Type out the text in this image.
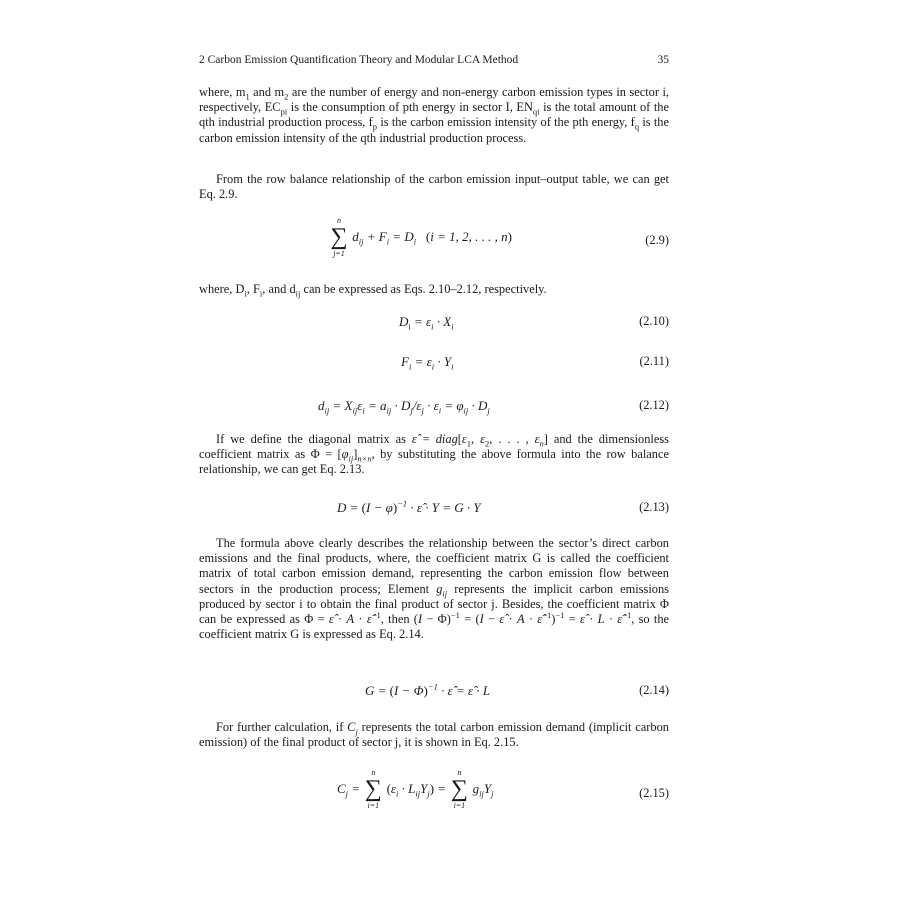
2 Carbon Emission Quantification Theory and Modular LCA Method	35

where, $m_1$ and $m_2$ are the number of energy and non-energy carbon emission types in sector i, respectively, $EC_{pi}$ is the consumption of pth energy in sector I, $EN_{qi}$ is the total amount of the qth industrial production process, $f_p$ is the carbon emission intensity of the pth energy, $f_q$ is the carbon emission intensity of the qth industrial production process.

From the row balance relationship of the carbon emission input–output table, we can get Eq. 2.9.

n
∑
j=1
$d_{ij} + F_i = D_i$ (i = 1, 2, . . . , n)	(2.9)

where, $D_i$, $F_i$, and $d_{ij}$ can be expressed as Eqs. 2.10–2.12, respectively.

$D_i = \varepsilon_i \cdot X_i$	(2.10)
$F_i = \varepsilon_i \cdot Y_i$	(2.11)
$d_{ij} = X_{ij}\varepsilon_i = a_{ij} \cdot D_j/\varepsilon_j \cdot \varepsilon_i = \varphi_{ij} \cdot D_j$	(2.12)

If we define the diagonal matrix as ε̂ = $diag[\varepsilon_1$, $\varepsilon_2$, . . . , $\varepsilon_n$] and the dimensionless coefficient matrix as $\Phi = [\varphi_{ij}]_{n\times n}$, by substituting the above formula into the row balance relationship, we can get Eq. 2.13.

$D = (I - \varphi)^{-1}$ · ε̂ · Y = G · Y	(2.13)

The formula above clearly describes the relationship between the sector’s direct carbon emissions and the final products, where, the coefficient matrix G is called the coefficient matrix of total carbon emission demand, representing the carbon emission flow between sectors in the production process; Element $g_{ij}$ represents the implicit carbon emissions produced by sector i to obtain the final product of sector j. Besides, the coefficient matrix Φ can be expressed as Φ = ε̂ · A · ε̂$^{-1}$, then $(I - \Phi)^{-1} = (I$ − ε̂ · A · ε̂$^{-1}$)$^{-1}$ = ε̂ · L · ε̂$^{-1}$, so the coefficient matrix G is expressed as Eq. 2.14.

$G = (I - \Phi)^{-1}$ · ε̂ = ε̂ · L	(2.14)

For further calculation, if $C_j$ represents the total carbon emission demand (implicit carbon emission) of the final product of sector j, it is shown in Eq. 2.15.

$C_j$ =
n
∑
i=1
$(\varepsilon_i \cdot L_{ij}Y_j)$ =
n
∑
i=1
$g_{ij}Y_j$	(2.15)
